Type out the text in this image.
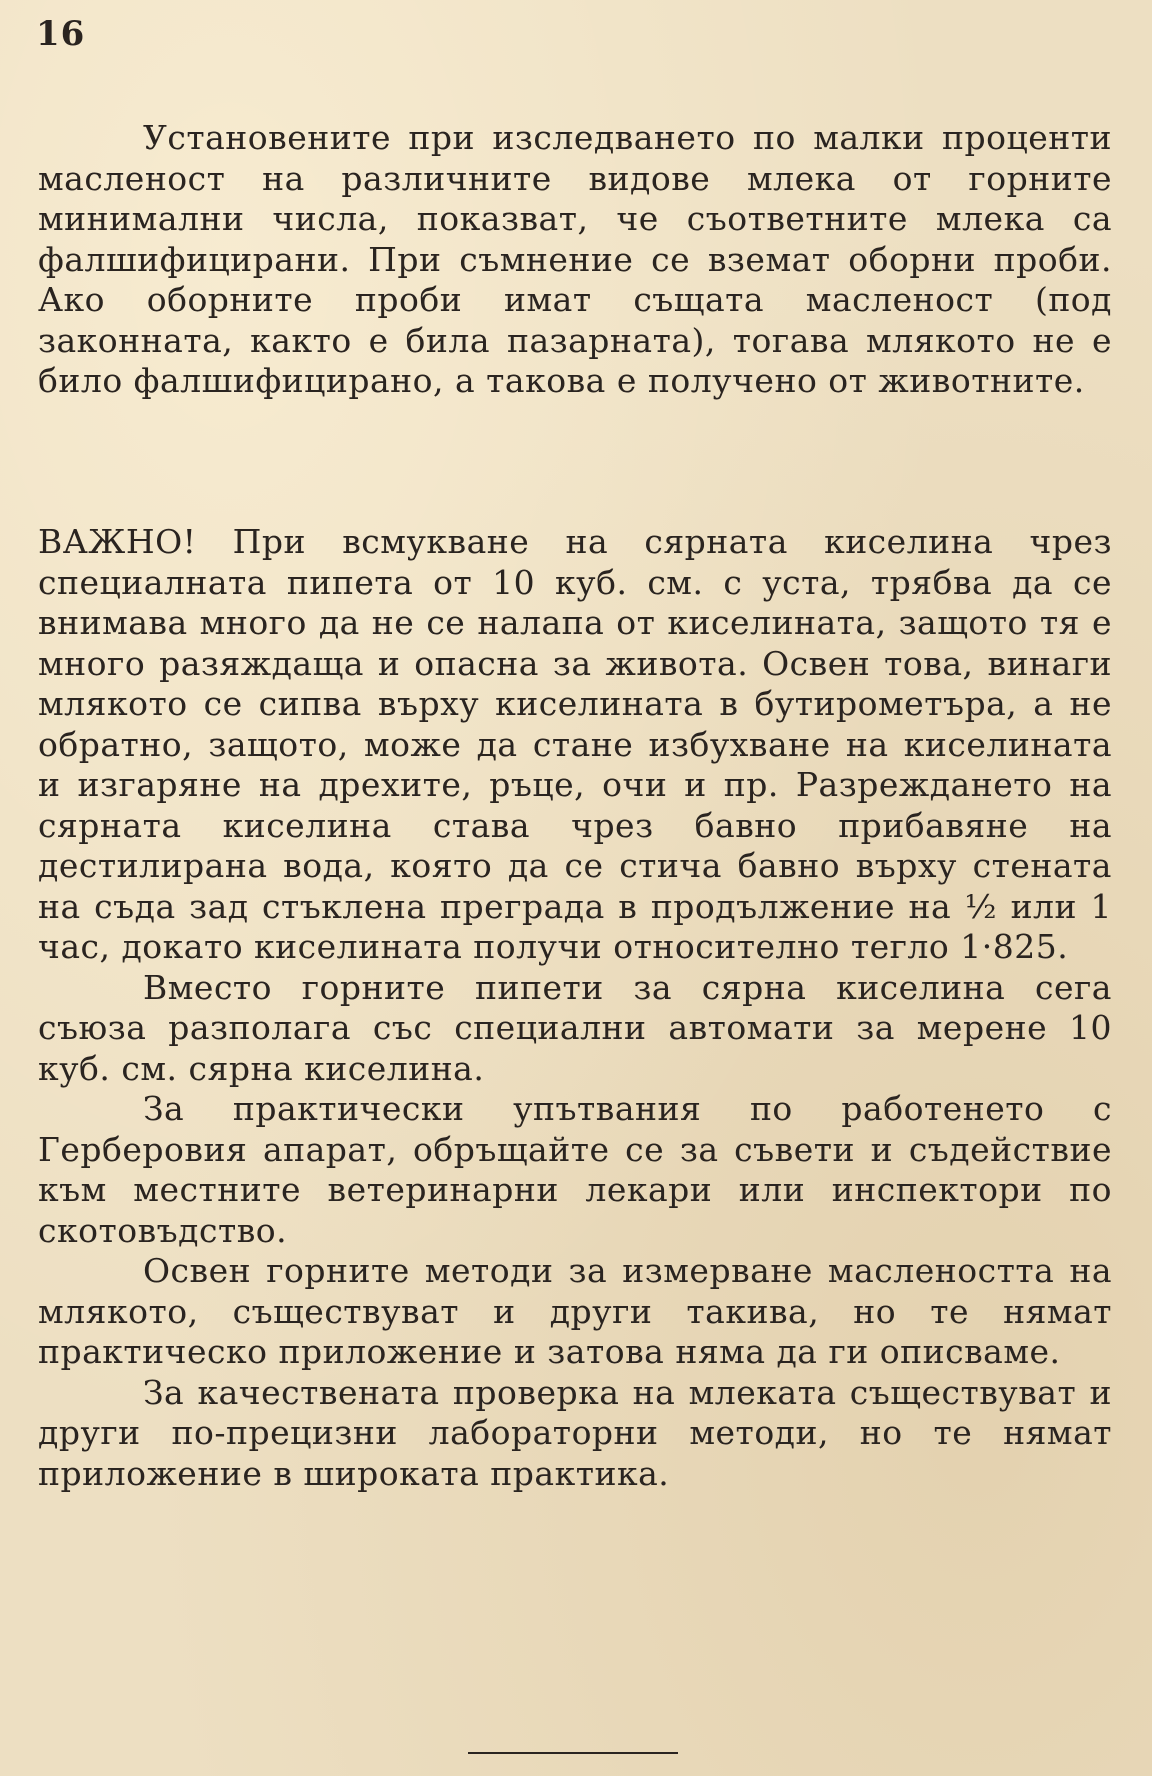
16

Установените при изследването по малки проценти масленост на различните видове млека от горните минимални числа, показват, че съответните млека са фалшифицирани. При съмнение се вземат оборни проби. Ако оборните проби имат същата масленост (под законната, както е била пазарната), тогава млякото не е било фалшифицирано, а такова е получено от животните.

ВАЖНО! При всмукване на сярната киселина чрез специалната пипета от 10 куб. см. с уста, трябва да се внимава много да не се налапа от киселината, защото тя е много разяждаща и опасна за живота. Освен това, винаги млякото се сипва върху киселината в бутирометъра, а не обратно, защото, може да стане избухване на киселината и изгаряне на дрехите, ръце, очи и пр. Разреждането на сярната киселина става чрез бавно прибавяне на дестилирана вода, която да се стича бавно върху стената на съда зад стъклена преграда в продължение на ½ или 1 час, докато киселината получи относително тегло 1·825.

Вместо горните пипети за сярна киселина сега съюза разполага със специални автомати за мерене 10 куб. см. сярна киселина.

За практически упътвания по работенето с Герберовия апарат, обръщайте се за съвети и съдействие към местните ветеринарни лекари или инспектори по скотовъдство.

Освен горните методи за измерване маслеността на млякото, съществуват и други такива, но те нямат практическо приложение и затова няма да ги описваме.

За качествената проверка на млеката съществуват и други по-прецизни лабораторни методи, но те нямат приложение в широката практика.
